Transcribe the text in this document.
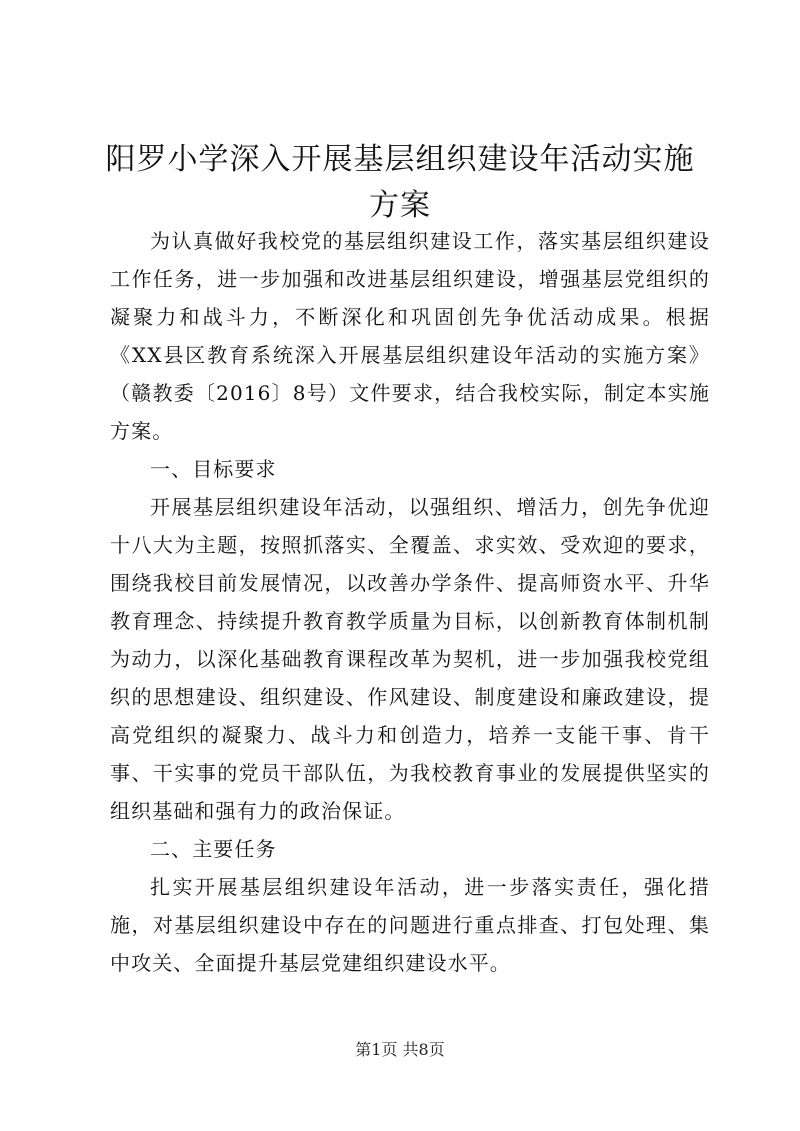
阳罗小学深入开展基层组织建设年活动实施方案

为认真做好我校党的基层组织建设工作，落实基层组织建设工作任务，进一步加强和改进基层组织建设，增强基层党组织的凝聚力和战斗力，不断深化和巩固创先争优活动成果。根据《XX县区教育系统深入开展基层组织建设年活动的实施方案》（赣教委〔2016〕8号）文件要求，结合我校实际，制定本实施方案。

一、目标要求

开展基层组织建设年活动，以强组织、增活力，创先争优迎十八大为主题，按照抓落实、全覆盖、求实效、受欢迎的要求，围绕我校目前发展情况，以改善办学条件、提高师资水平、升华教育理念、持续提升教育教学质量为目标，以创新教育体制机制为动力，以深化基础教育课程改革为契机，进一步加强我校党组织的思想建设、组织建设、作风建设、制度建设和廉政建设，提高党组织的凝聚力、战斗力和创造力，培养一支能干事、肯干事、干实事的党员干部队伍，为我校教育事业的发展提供坚实的组织基础和强有力的政治保证。

二、主要任务

扎实开展基层组织建设年活动，进一步落实责任，强化措施，对基层组织建设中存在的问题进行重点排查、打包处理、集中攻关、全面提升基层党建组织建设水平。

第1页 共8页
